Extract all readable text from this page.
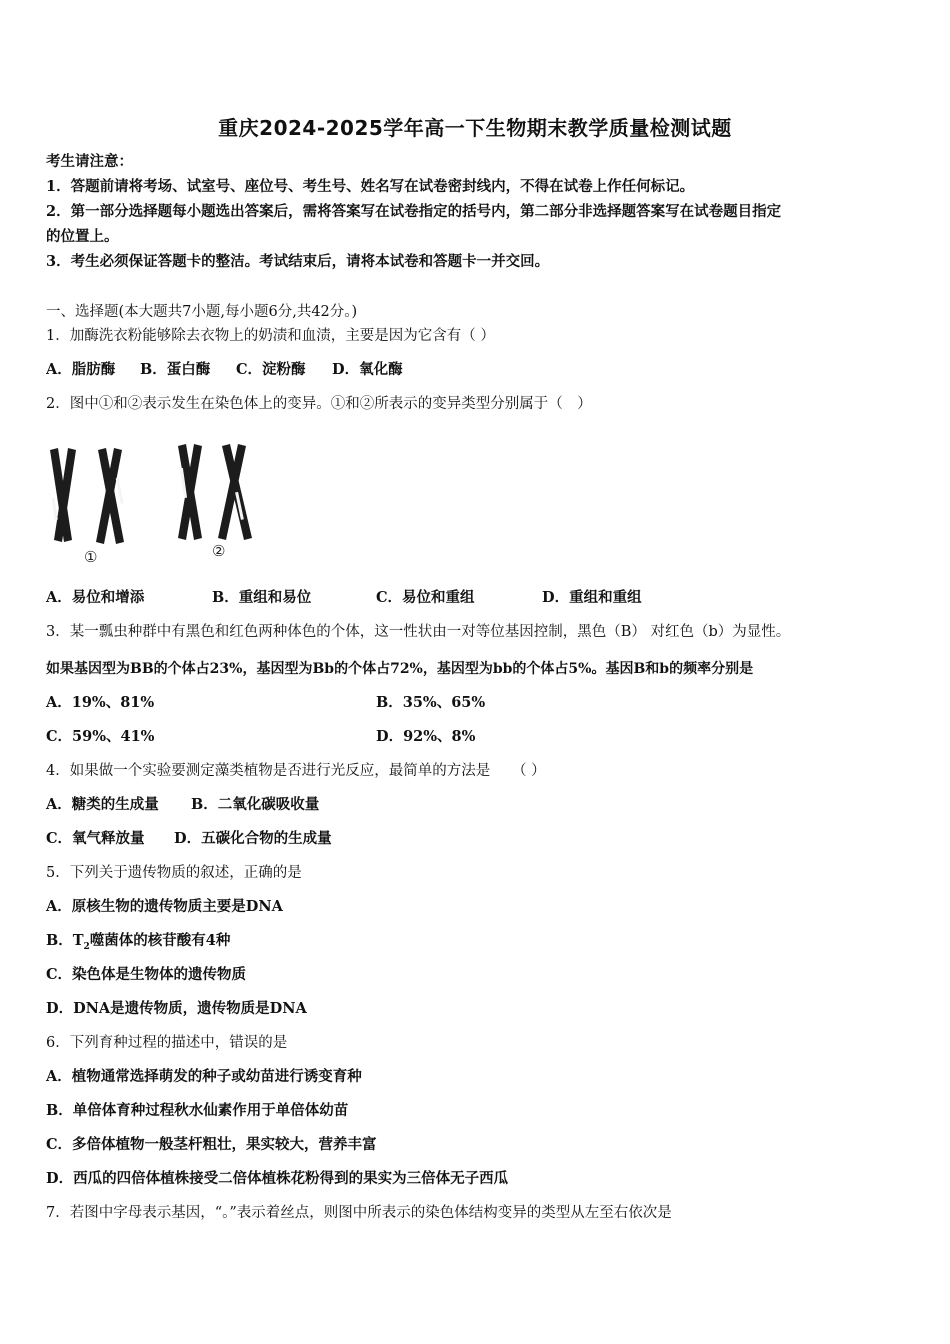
重庆2024-2025学年高一下生物期末教学质量检测试题
考生请注意：
1．答题前请将考场、试室号、座位号、考生号、姓名写在试卷密封线内，不得在试卷上作任何标记。
2．第一部分选择题每小题选出答案后，需将答案写在试卷指定的括号内，第二部分非选择题答案写在试卷题目指定
的位置上。
3．考生必须保证答题卡的整洁。考试结束后，请将本试卷和答题卡一并交回。
一、选择题(本大题共7小题,每小题6分,共42分。)
1．加酶洗衣粉能够除去衣物上的奶渍和血渍，主要是因为它含有（ ）
A．脂肪酶 B．蛋白酶 C．淀粉酶 D．氧化酶
2．图中①和②表示发生在染色体上的变异。①和②所表示的变异类型分别属于（　）
①	②
A．易位和增添	B．重组和易位	C．易位和重组	D．重组和重组
3．某一瓢虫种群中有黑色和红色两种体色的个体，这一性状由一对等位基因控制，黑色（B） 对红色（b）为显性。
如果基因型为BB的个体占23%，基因型为Bb的个体占72%，基因型为bb的个体占5%。基因B和b的频率分别是
A．19%、81%	B．35%、65%
C．59%、41%	D．92%、8%
4．如果做一个实验要测定藻类植物是否进行光反应，最简单的方法是　　（ ）
A．糖类的生成量 B．二氧化碳吸收量
C．氧气释放量 D．五碳化合物的生成量
5．下列关于遗传物质的叙述，正确的是
A．原核生物的遗传物质主要是DNA
B．$T_2$噬菌体的核苷酸有4种
C．染色体是生物体的遗传物质
D．DNA是遗传物质，遗传物质是DNA
6．下列育种过程的描述中，错误的是
A．植物通常选择萌发的种子或幼苗进行诱变育种
B．单倍体育种过程秋水仙素作用于单倍体幼苗
C．多倍体植物一般茎杆粗壮，果实较大，营养丰富
D．西瓜的四倍体植株接受二倍体植株花粉得到的果实为三倍体无子西瓜
7．若图中字母表示基因，“。”表示着丝点，则图中所表示的染色体结构变异的类型从左至右依次是
